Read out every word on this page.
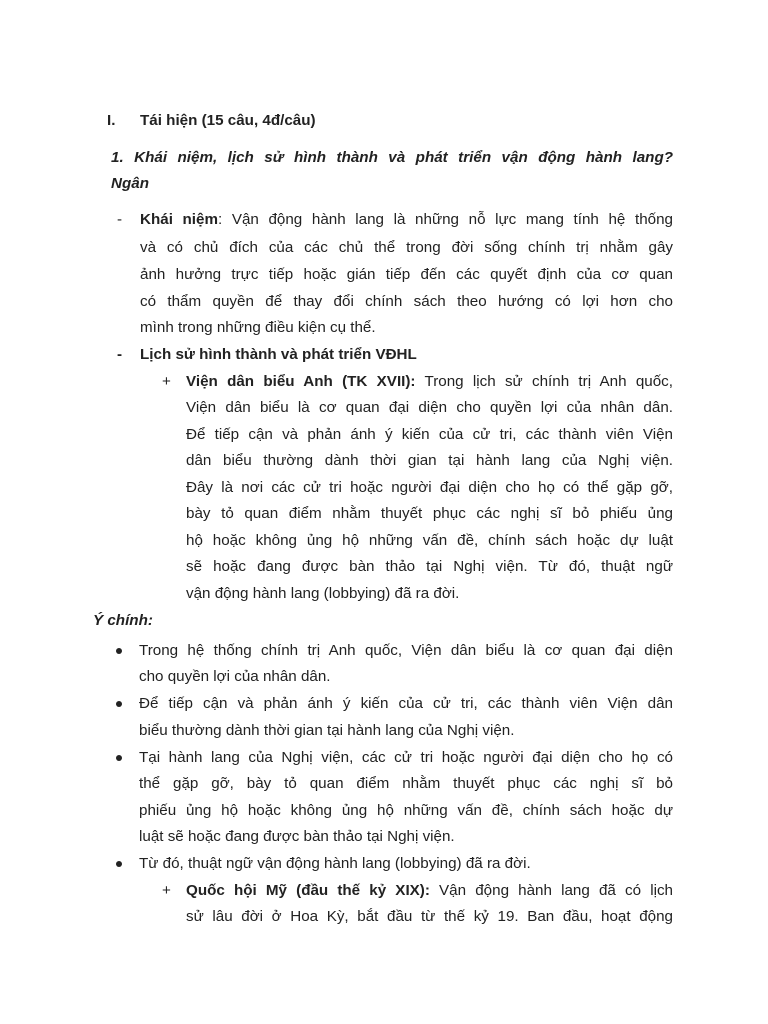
I. Tái hiện (15 câu, 4đ/câu)
1. Khái niệm, lịch sử hình thành và phát triển vận động hành lang?
Ngân
- Khái niệm: Vận động hành lang là những nỗ lực mang tính hệ thống
và có chủ đích của các chủ thể trong đời sống chính trị nhằm gây
ảnh hưởng trực tiếp hoặc gián tiếp đến các quyết định của cơ quan
có thẩm quyền để thay đổi chính sách theo hướng có lợi hơn cho
mình trong những điều kiện cụ thể.
- Lịch sử hình thành và phát triển VĐHL
+ Viện dân biểu Anh (TK XVII): Trong lịch sử chính trị Anh quốc,
Viện dân biểu là cơ quan đại diện cho quyền lợi của nhân dân.
Để tiếp cận và phản ánh ý kiến của cử tri, các thành viên Viện
dân biểu thường dành thời gian tại hành lang của Nghị viện.
Đây là nơi các cử tri hoặc người đại diện cho họ có thể gặp gỡ,
bày tỏ quan điểm nhằm thuyết phục các nghị sĩ bỏ phiếu ủng
hộ hoặc không ủng hộ những vấn đề, chính sách hoặc dự luật
sẽ hoặc đang được bàn thảo tại Nghị viện. Từ đó, thuật ngữ
vận động hành lang (lobbying) đã ra đời.
Ý chính:
Trong hệ thống chính trị Anh quốc, Viện dân biểu là cơ quan đại diện
cho quyền lợi của nhân dân.
Để tiếp cận và phản ánh ý kiến của cử tri, các thành viên Viện dân
biểu thường dành thời gian tại hành lang của Nghị viện.
Tại hành lang của Nghị viện, các cử tri hoặc người đại diện cho họ có
thể gặp gỡ, bày tỏ quan điểm nhằm thuyết phục các nghị sĩ bỏ
phiếu ủng hộ hoặc không ủng hộ những vấn đề, chính sách hoặc dự
luật sẽ hoặc đang được bàn thảo tại Nghị viện.
Từ đó, thuật ngữ vận động hành lang (lobbying) đã ra đời.
+ Quốc hội Mỹ (đầu thế kỷ XIX): Vận động hành lang đã có lịch
sử lâu đời ở Hoa Kỳ, bắt đầu từ thế kỷ 19. Ban đầu, hoạt động
